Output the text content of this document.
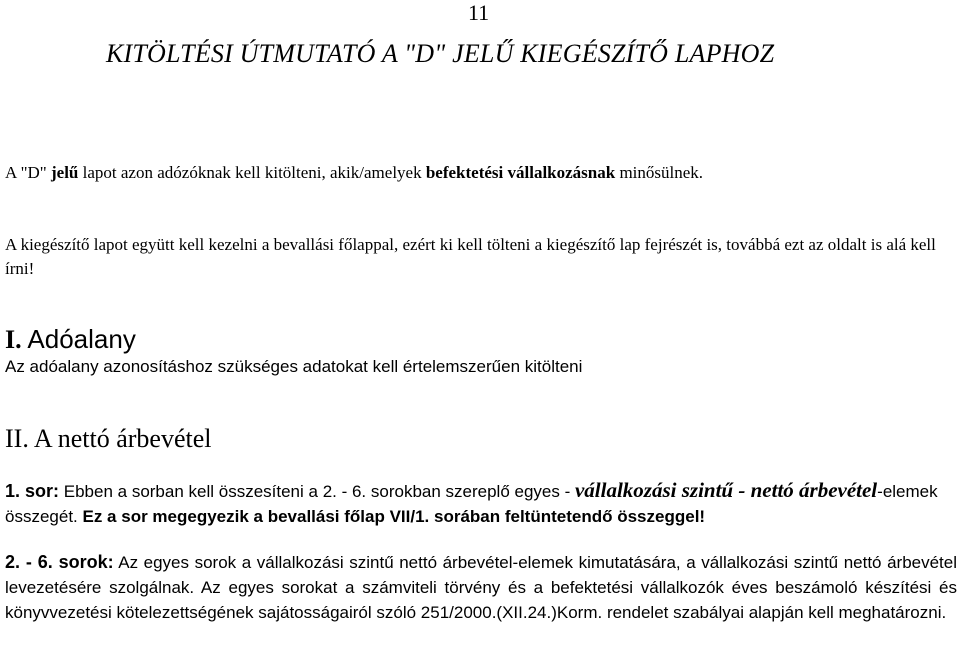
11
KITÖLTÉSI ÚTMUTATÓ A "D" JELŰ KIEGÉSZÍTŐ LAPHOZ

A "D" jelű lapot azon adózóknak kell kitölteni, akik/amelyek befektetési vállalkozásnak minősülnek.

A kiegészítő lapot együtt kell kezelni a bevallási főlappal, ezért ki kell tölteni a kiegészítő lap fejrészét is, továbbá ezt az oldalt is alá kell írni!

I. Adóalany
Az adóalany azonosításhoz szükséges adatokat kell értelemszerűen kitölteni
II. A nettó árbevétel

1. sor: Ebben a sorban kell összesíteni a 2. - 6. sorokban szereplő egyes - vállalkozási szintű - nettó árbevétel-elemek összegét. Ez a sor megegyezik a bevallási főlap VII/1. sorában feltüntetendő összeggel!

2. - 6. sorok: Az egyes sorok a vállalkozási szintű nettó árbevétel-elemek kimutatására, a vállalkozási szintű nettó árbevétel levezetésére szolgálnak. Az egyes sorokat a számviteli törvény és a befektetési vállalkozók éves beszámoló készítési és könyvvezetési kötelezettségének sajátosságairól szóló 251/2000.(XII.24.)Korm. rendelet szabályai alapján kell meghatározni.
